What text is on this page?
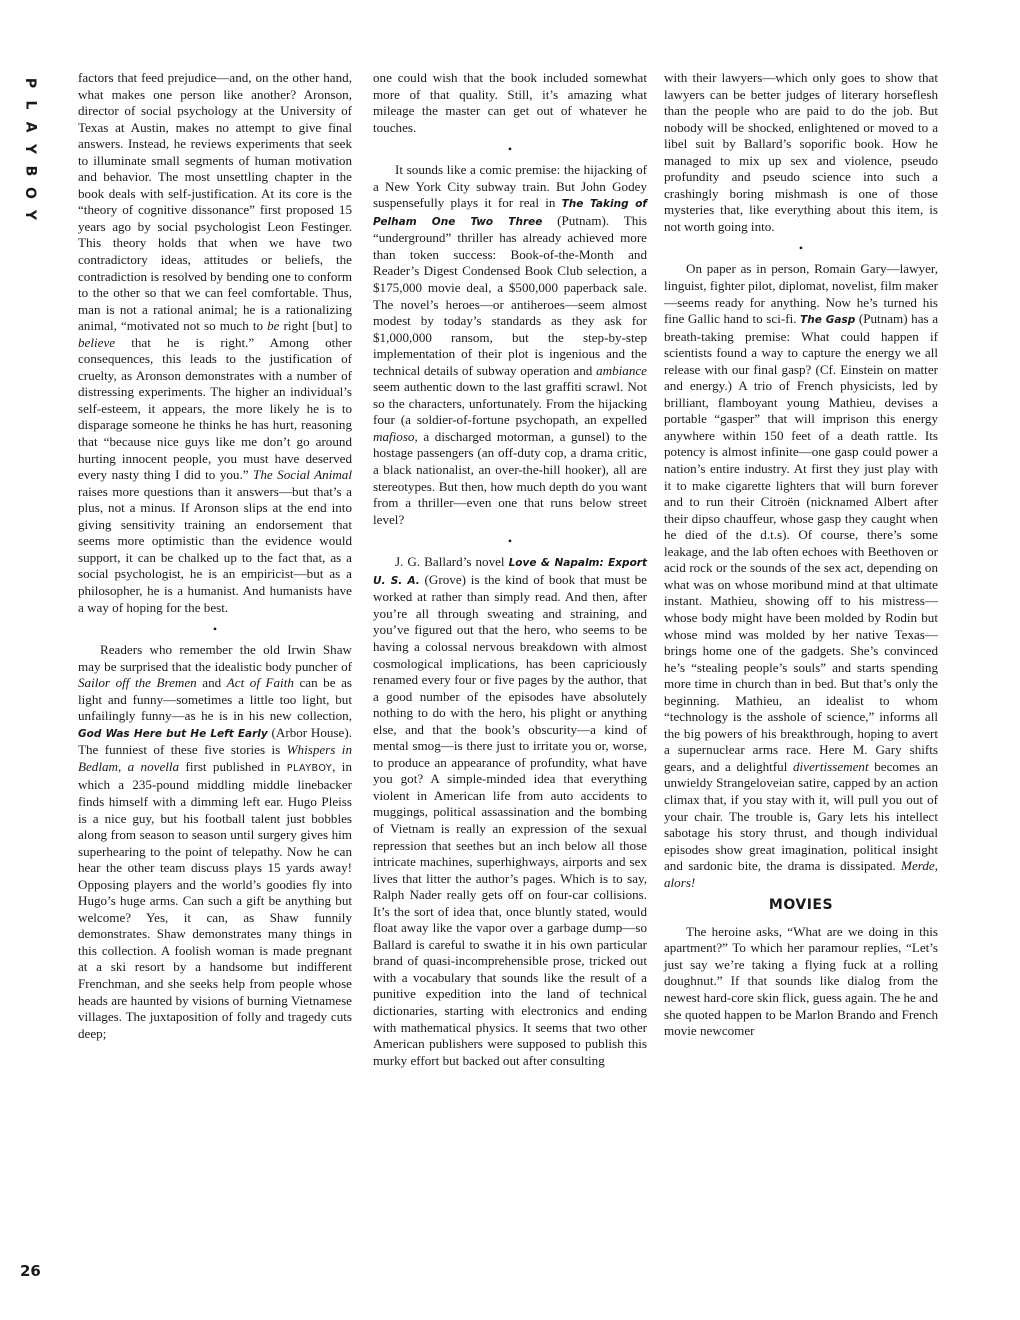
P
L
A
Y
B
O
Y
26

factors that feed prejudice—and, on the other hand, what makes one person like another? Aronson, director of social psychology at the University of Texas at Austin, makes no attempt to give final answers. Instead, he reviews experiments that seek to illuminate small segments of human motivation and behavior. The most unsettling chapter in the book deals with self-justification. At its core is the “theory of cognitive dissonance” first proposed 15 years ago by social psychologist Leon Festinger. This theory holds that when we have two contradictory ideas, attitudes or beliefs, the contradiction is resolved by bending one to conform to the other so that we can feel comfortable. Thus, man is not a rational animal; he is a rationalizing animal, “motivated not so much to be right [but] to believe that he is right.” Among other consequences, this leads to the justification of cruelty, as Aronson demonstrates with a number of distressing experiments. The higher an individual’s self-esteem, it appears, the more likely he is to disparage someone he thinks he has hurt, reasoning that “because nice guys like me don’t go around hurting innocent people, you must have deserved every nasty thing I did to you.” The Social Animal raises more questions than it answers—but that’s a plus, not a minus. If Aronson slips at the end into giving sensitivity training an endorsement that seems more optimistic than the evidence would support, it can be chalked up to the fact that, as a social psychologist, he is an empiricist—but as a philosopher, he is a humanist. And humanists have a way of hoping for the best.

•

Readers who remember the old Irwin Shaw may be surprised that the idealistic body puncher of Sailor off the Bremen and Act of Faith can be as light and funny—sometimes a little too light, but unfailingly funny—as he is in his new collection, God Was Here but He Left Early (Arbor House). The funniest of these five stories is Whispers in Bedlam, a novella first published in PLAYBOY, in which a 235-pound middling middle linebacker finds himself with a dimming left ear. Hugo Pleiss is a nice guy, but his football talent just bobbles along from season to season until surgery gives him superhearing to the point of telepathy. Now he can hear the other team discuss plays 15 yards away! Opposing players and the world’s goodies fly into Hugo’s huge arms. Can such a gift be anything but welcome? Yes, it can, as Shaw funnily demonstrates. Shaw demonstrates many things in this collection. A foolish woman is made pregnant at a ski resort by a handsome but indifferent Frenchman, and she seeks help from people whose heads are haunted by visions of burning Vietnamese villages. The juxtaposition of folly and tragedy cuts deep;

one could wish that the book included somewhat more of that quality. Still, it’s amazing what mileage the master can get out of whatever he touches.

•

It sounds like a comic premise: the hijacking of a New York City subway train. But John Godey suspensefully plays it for real in The Taking of Pelham One Two Three (Putnam). This “underground” thriller has already achieved more than token success: Book-of-the-Month and Reader’s Digest Condensed Book Club selection, a $175,000 movie deal, a $500,000 paperback sale. The novel’s heroes—or antiheroes—seem almost modest by today’s standards as they ask for $1,000,000 ransom, but the step-by-step implementation of their plot is ingenious and the technical details of subway operation and ambiance seem authentic down to the last graffiti scrawl. Not so the characters, unfortunately. From the hijacking four (a soldier-of-fortune psychopath, an expelled mafioso, a discharged motorman, a gunsel) to the hostage passengers (an off-duty cop, a drama critic, a black nationalist, an over-the-hill hooker), all are stereotypes. But then, how much depth do you want from a thriller—even one that runs below street level?

•

J. G. Ballard’s novel Love & Napalm: Export U. S. A. (Grove) is the kind of book that must be worked at rather than simply read. And then, after you’re all through sweating and straining, and you’ve figured out that the hero, who seems to be having a colossal nervous breakdown with almost cosmological implications, has been capriciously renamed every four or five pages by the author, that a good number of the episodes have absolutely nothing to do with the hero, his plight or anything else, and that the book’s obscurity—a kind of mental smog—is there just to irritate you or, worse, to produce an appearance of profundity, what have you got? A simple-minded idea that everything violent in American life from auto accidents to muggings, political assassination and the bombing of Vietnam is really an expression of the sexual repression that seethes but an inch below all those intricate machines, superhighways, airports and sex lives that litter the author’s pages. Which is to say, Ralph Nader really gets off on four-car collisions. It’s the sort of idea that, once bluntly stated, would float away like the vapor over a garbage dump—so Ballard is careful to swathe it in his own particular brand of quasi-incomprehensible prose, tricked out with a vocabulary that sounds like the result of a punitive expedition into the land of technical dictionaries, starting with electronics and ending with mathematical physics. It seems that two other American publishers were supposed to publish this murky effort but backed out after consulting

with their lawyers—which only goes to show that lawyers can be better judges of literary horseflesh than the people who are paid to do the job. But nobody will be shocked, enlightened or moved to a libel suit by Ballard’s soporific book. How he managed to mix up sex and violence, pseudo profundity and pseudo science into such a crashingly boring mishmash is one of those mysteries that, like everything about this item, is not worth going into.

•

On paper as in person, Romain Gary—lawyer, linguist, fighter pilot, diplomat, novelist, film maker—seems ready for anything. Now he’s turned his fine Gallic hand to sci-fi. The Gasp (Putnam) has a breath-taking premise: What could happen if scientists found a way to capture the energy we all release with our final gasp? (Cf. Einstein on matter and energy.) A trio of French physicists, led by brilliant, flamboyant young Mathieu, devises a portable “gasper” that will imprison this energy anywhere within 150 feet of a death rattle. Its potency is almost infinite—one gasp could power a nation’s entire industry. At first they just play with it to make cigarette lighters that will burn forever and to run their Citroën (nicknamed Albert after their dipso chauffeur, whose gasp they caught when he died of the d.t.s). Of course, there’s some leakage, and the lab often echoes with Beethoven or acid rock or the sounds of the sex act, depending on what was on whose moribund mind at that ultimate instant. Mathieu, showing off to his mistress—whose body might have been molded by Rodin but whose mind was molded by her native Texas—brings home one of the gadgets. She’s convinced he’s “stealing people’s souls” and starts spending more time in church than in bed. But that’s only the beginning. Mathieu, an idealist to whom “technology is the asshole of science,” informs all the big powers of his breakthrough, hoping to avert a supernuclear arms race. Here M. Gary shifts gears, and a delightful divertissement becomes an unwieldy Strangeloveian satire, capped by an action climax that, if you stay with it, will pull you out of your chair. The trouble is, Gary lets his intellect sabotage his story thrust, and though individual episodes show great imagination, political insight and sardonic bite, the drama is dissipated. Merde, alors!

MOVIES

The heroine asks, “What are we doing in this apartment?” To which her paramour replies, “Let’s just say we’re taking a flying fuck at a rolling doughnut.” If that sounds like dialog from the newest hard-core skin flick, guess again. The he and she quoted happen to be Marlon Brando and French movie newcomer
